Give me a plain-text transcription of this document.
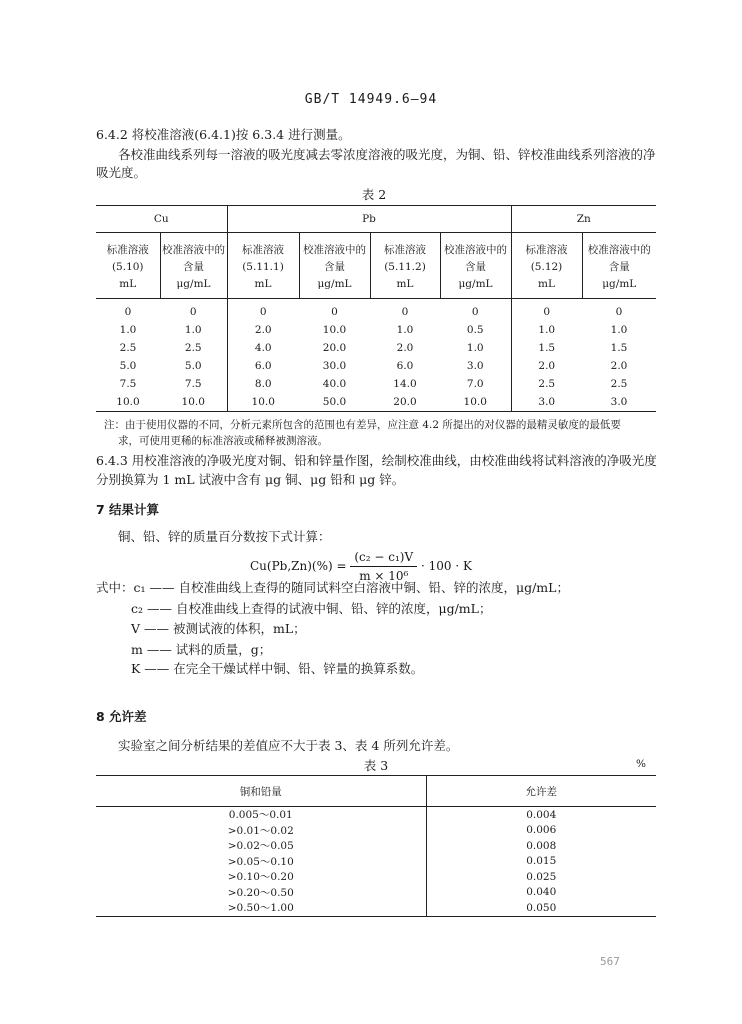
GB/T 14949.6—94
6.4.2 将校准溶液(6.4.1)按 6.3.4 进行测量。
各校准曲线系列每一溶液的吸光度减去零浓度溶液的吸光度，为铜、铅、锌校准曲线系列溶液的净
吸光度。
表 2
Cu		Pb				Zn	
标准溶液	校准溶液中的	标准溶液	校准溶液中的	标准溶液	校准溶液中的	标准溶液	校准溶液中的
(5.10)	含量	(5.11.1)	含量	(5.11.2)	含量	(5.12)	含量
mL	μg/mL	mL	μg/mL	mL	μg/mL	mL	μg/mL
0	0	0	0	0	0	0	0
1.0	1.0	2.0	10.0	1.0	0.5	1.0	1.0
2.5	2.5	4.0	20.0	2.0	1.0	1.5	1.5
5.0	5.0	6.0	30.0	6.0	3.0	2.0	2.0
7.5	7.5	8.0	40.0	14.0	7.0	2.5	2.5
10.0	10.0	10.0	50.0	20.0	10.0	3.0	3.0
注：由于使用仪器的不同，分析元素所包含的范围也有差异，应注意 4.2 所提出的对仪器的最精灵敏度的最低要
求，可使用更稀的标准溶液或稀释被测溶液。
6.4.3 用校准溶液的净吸光度对铜、铅和锌量作图，绘制校准曲线，由校准曲线将试料溶液的净吸光度
分别换算为 1 mL 试液中含有 μg 铜、μg 铅和 μg 锌。
7 结果计算
铜、铅、锌的质量百分数按下式计算：
$Cu(Pb,Zn)(\%) = \frac{\text{(c₂ − c₁)V}}{\text{m × 10⁶}} \cdot 100 \cdot K$
式中：c₁ —— 自校准曲线上查得的随同试料空白溶液中铜、铅、锌的浓度，μg/mL；
c₂ —— 自校准曲线上查得的试液中铜、铅、锌的浓度，μg/mL；
V —— 被测试液的体积，mL；
m —— 试料的质量，g；
K —— 在完全干燥试样中铜、铅、锌量的换算系数。
8 允许差
实验室之间分析结果的差值应不大于表 3、表 4 所列允许差。
表 3	%
铜和铅量	允许差
0.005～0.01	0.004
>0.01～0.02	0.006
>0.02～0.05	0.008
>0.05～0.10	0.015
>0.10～0.20	0.025
>0.20～0.50	0.040
>0.50～1.00	0.050
567
